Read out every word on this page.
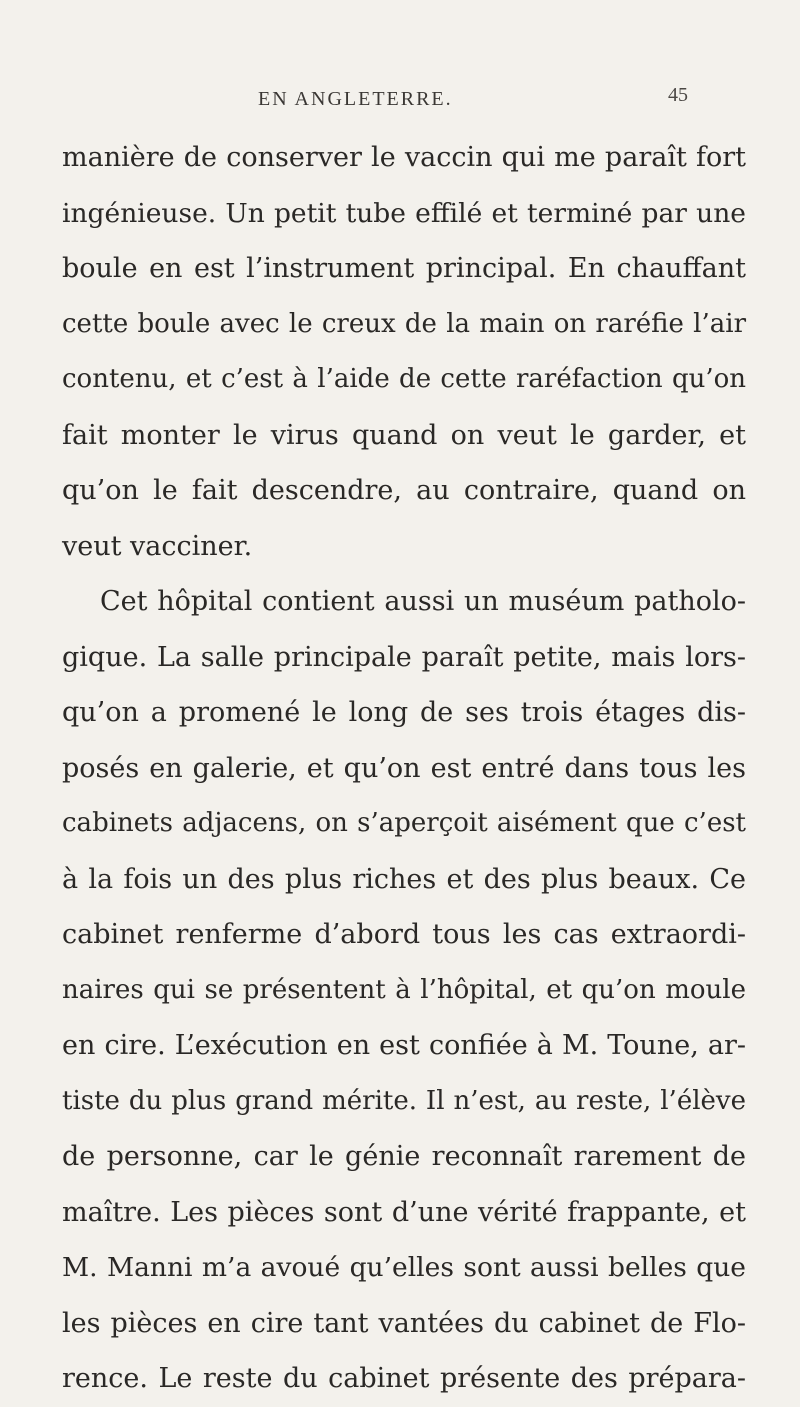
EN ANGLETERRE.	45
manière de conserver le vaccin qui me paraît fort
ingénieuse. Un petit tube effilé et terminé par une
boule en est l’instrument principal. En chauffant
cette boule avec le creux de la main on raréfie l’air
contenu, et c’est à l’aide de cette raréfaction qu’on
fait monter le virus quand on veut le garder, et
qu’on le fait descendre, au contraire, quand on
veut vacciner.
Cet hôpital contient aussi un muséum patholo-
gique. La salle principale paraît petite, mais lors-
qu’on a promené le long de ses trois étages dis-
posés en galerie, et qu’on est entré dans tous les
cabinets adjacens, on s’aperçoit aisément que c’est
à la fois un des plus riches et des plus beaux. Ce
cabinet renferme d’abord tous les cas extraordi-
naires qui se présentent à l’hôpital, et qu’on moule
en cire. L’exécution en est confiée à M. Toune, ar-
tiste du plus grand mérite. Il n’est, au reste, l’élève
de personne, car le génie reconnaît rarement de
maître. Les pièces sont d’une vérité frappante, et
M. Manni m’a avoué qu’elles sont aussi belles que
les pièces en cire tant vantées du cabinet de Flo-
rence. Le reste du cabinet présente des prépara-
